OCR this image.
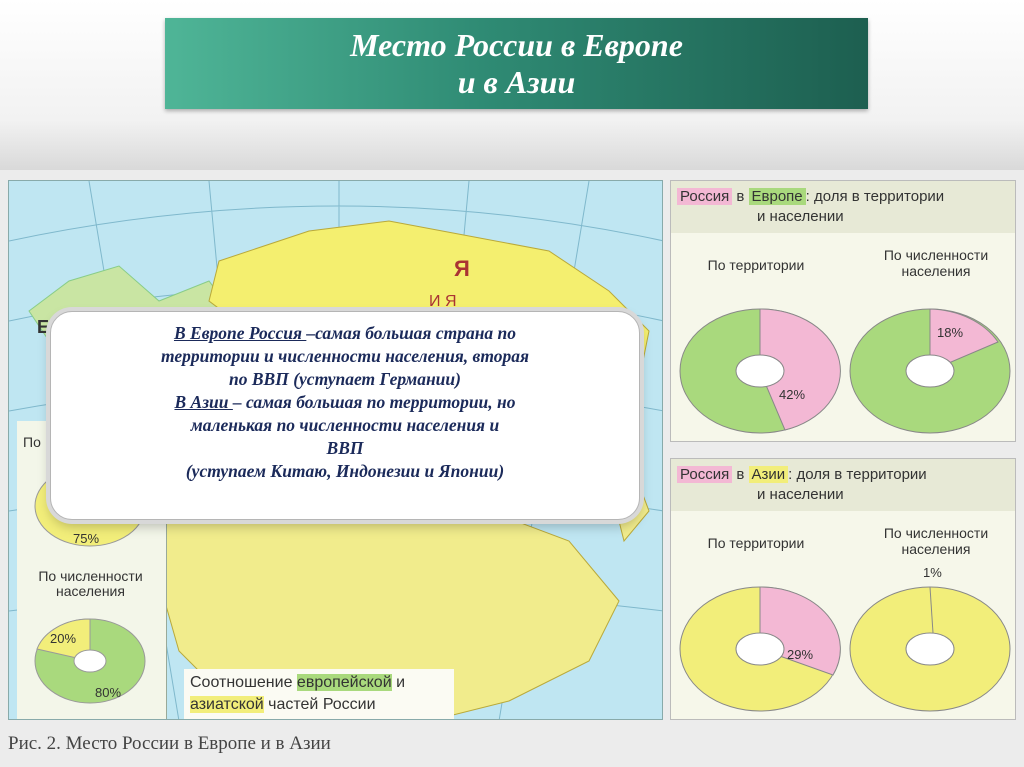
Место России в Европе
и в Азии
Я
И Я
Е
По
75%
По численности
населения
20%
80%
Соотношение европейской и
азиатской частей России
Россия в Европе : доля в территории
и населении
По территории
По численности
населения
42%
18%
Россия в Азии : доля в территории
и населении
По территории
По численности
населения
1%
29%
Рис. 2. Место России в Европе и в Азии
В Европе Россия –самая большая страна по
территории и численности населения, вторая
по ВВП (уступает Германии)
В Азии – самая большая по территории, но
маленькая по численности населения и
ВВП
(уступаем Китаю, Индонезии и Японии)
